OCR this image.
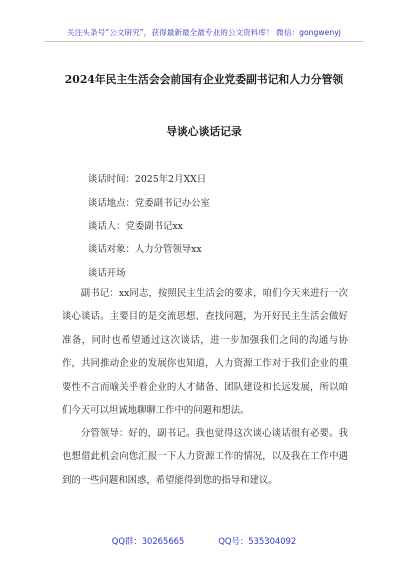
关注头条号“公文研究”，获得最新最全最专业的公文资料库！ 微信：gongwenyj
2024年民主生活会会前国有企业党委副书记和人力分管领
导谈心谈话记录
谈话时间：2025年2月XX日
谈话地点：党委副书记办公室
谈话人：党委副书记xx
谈话对象：人力分管领导xx
谈话开场

副书记：xx同志，按照民主生活会的要求，咱们今天来进行一次谈心谈话。主要目的是交流思想、查找问题，为开好民主生活会做好准备，同时也希望通过这次谈话，进一步加强我们之间的沟通与协作，共同推动企业的发展你也知道，人力资源工作对于我们企业的重要性不言而喻关乎着企业的人才储备、团队建设和长远发展，所以咱们今天可以坦诚地聊聊工作中的问题和想法。

分管领导：好的，副书记。我也觉得这次谈心谈话很有必要。我也想借此机会向您汇报一下人力资源工作的情况，以及我在工作中遇到的一些问题和困惑，希望能得到您的指导和建议。

QQ群：30265665	QQ号：535304092
